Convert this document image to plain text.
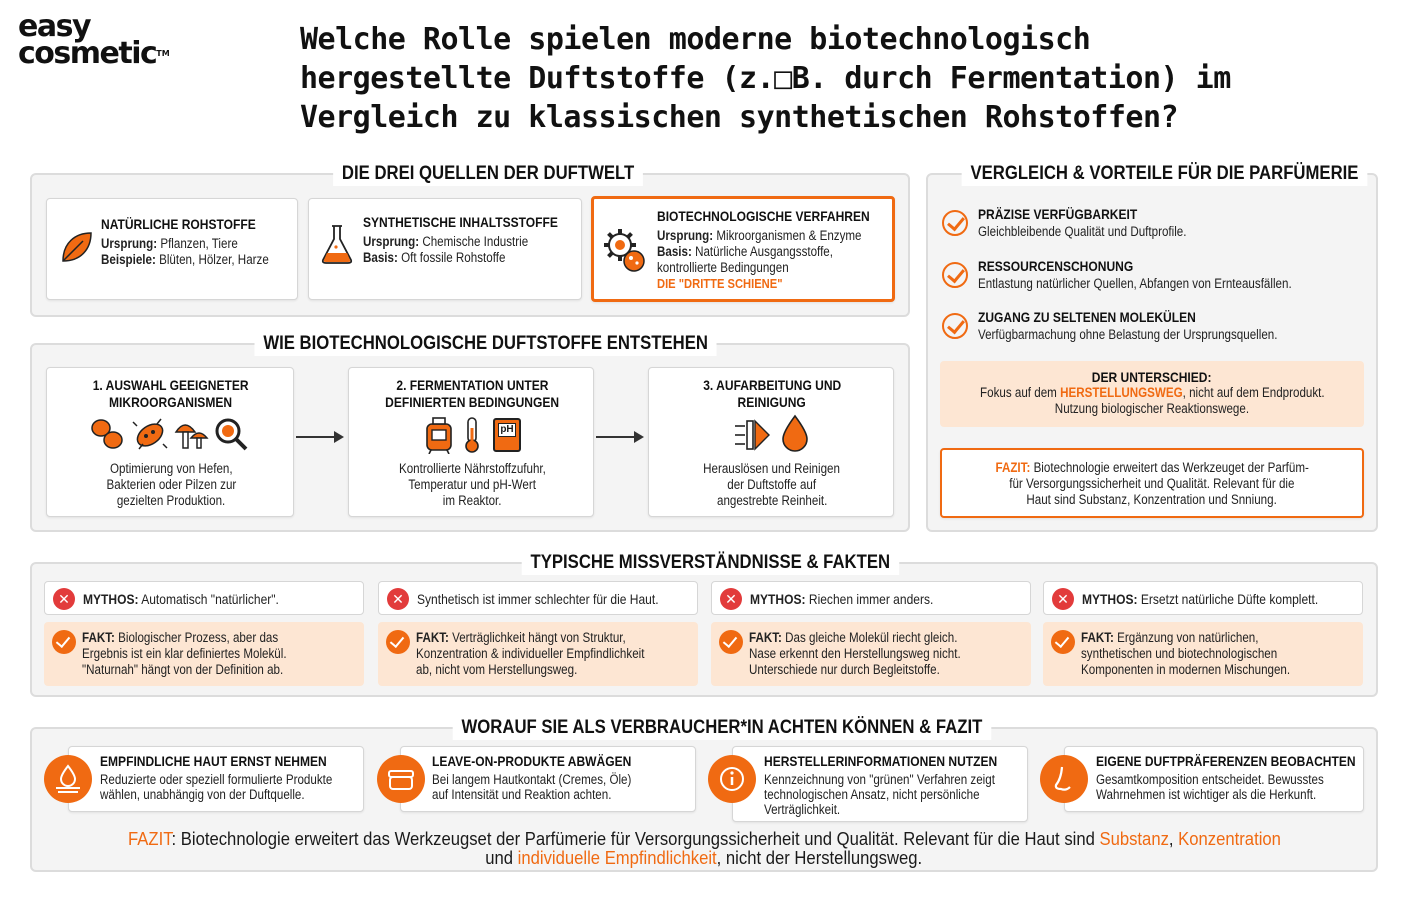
easy
cosmetic™	Welche Rolle spielen moderne biotechnologisch hergestellte Duftstoffe (z.□B. durch Fermentation) im Vergleich zu klassischen synthetischen Rohstoffen?
DIE DREI QUELLEN DER DUFTWELT
NATÜRLICHE ROHSTOFFE
Ursprung: Pflanzen, Tiere
Beispiele: Blüten, Hölzer, Harze
SYNTHETISCHE INHALTSSTOFFE
Ursprung: Chemische Industrie
Basis: Oft fossile Rohstoffe
BIOTECHNOLOGISCHE VERFAHREN
Ursprung: Mikroorganismen & Enzyme
Basis: Natürliche Ausgangsstoffe,
kontrollierte Bedingungen
DIE "DRITTE SCHIENE"
WIE BIOTECHNOLOGISCHE DUFTSTOFFE ENTSTEHEN
1. AUSWAHL GEEIGNETER
MIKROORGANISMEN
Optimierung von Hefen,
Bakterien oder Pilzen zur
gezielten Produktion.
2. FERMENTATION UNTER
DEFINIERTEN BEDINGUNGEN
pH
Kontrollierte Nährstoffzufuhr,
Temperatur und pH-Wert
im Reaktor.
3. AUFARBEITUNG UND
REINIGUNG
Herauslösen und Reinigen
der Duftstoffe auf
angestrebte Reinheit.
VERGLEICH & VORTEILE FÜR DIE PARFÜMERIE
PRÄZISE VERFÜGBARKEIT
Gleichbleibende Qualität und Duftprofile.
RESSOURCENSCHONUNG
Entlastung natürlicher Quellen, Abfangen von Ernteausfällen.
ZUGANG ZU SELTENEN MOLEKÜLEN
Verfügbarmachung ohne Belastung der Ursprungsquellen.
DER UNTERSCHIED:
Fokus auf dem HERSTELLUNGSWEG, nicht auf dem Endprodukt.
Nutzung biologischer Reaktionswege.
FAZIT: Biotechnologie erweitert das Werkzeuget der Parfüm-
für Versorgungssicherheit und Qualität. Relevant für die
Haut sind Substanz, Konzentration und Snniung.
TYPISCHE MISSVERSTÄNDNISSE & FAKTEN
✕ MYTHOS: Automatisch "natürlicher".
FAKT: Biologischer Prozess, aber das
Ergebnis ist ein klar definiertes Molekül.
"Naturnah" hängt von der Definition ab.
✕ Synthetisch ist immer schlechter für die Haut.
FAKT: Verträglichkeit hängt von Struktur,
Konzentration & individueller Empfindlichkeit
ab, nicht vom Herstellungsweg.
✕ MYTHOS: Riechen immer anders.
FAKT: Das gleiche Molekül riecht gleich.
Nase erkennt den Herstellungsweg nicht.
Unterschiede nur durch Begleitstoffe.
✕ MYTHOS: Ersetzt natürliche Düfte komplett.
FAKT: Ergänzung von natürlichen,
synthetischen und biotechnologischen
Komponenten in modernen Mischungen.
WORAUF SIE ALS VERBRAUCHER*IN ACHTEN KÖNNEN & FAZIT
EMPFINDLICHE HAUT ERNST NEHMEN
Reduzierte oder speziell formulierte Produkte
wählen, unabhängig von der Duftquelle.
LEAVE-ON-PRODUKTE ABWÄGEN
Bei langem Hautkontakt (Cremes, Öle)
auf Intensität und Reaktion achten.
HERSTELLERINFORMATIONEN NUTZEN
Kennzeichnung von "grünen" Verfahren zeigt
technologischen Ansatz, nicht persönliche
Verträglichkeit.
EIGENE DUFTPRÄFERENZEN BEOBACHTEN
Gesamtkomposition entscheidet. Bewusstes
Wahrnehmen ist wichtiger als die Herkunft.
FAZIT: Biotechnologie erweitert das Werkzeugset der Parfümerie für Versorgungssicherheit und Qualität. Relevant für die Haut sind Substanz, Konzentration
und individuelle Empfindlichkeit, nicht der Herstellungsweg.
